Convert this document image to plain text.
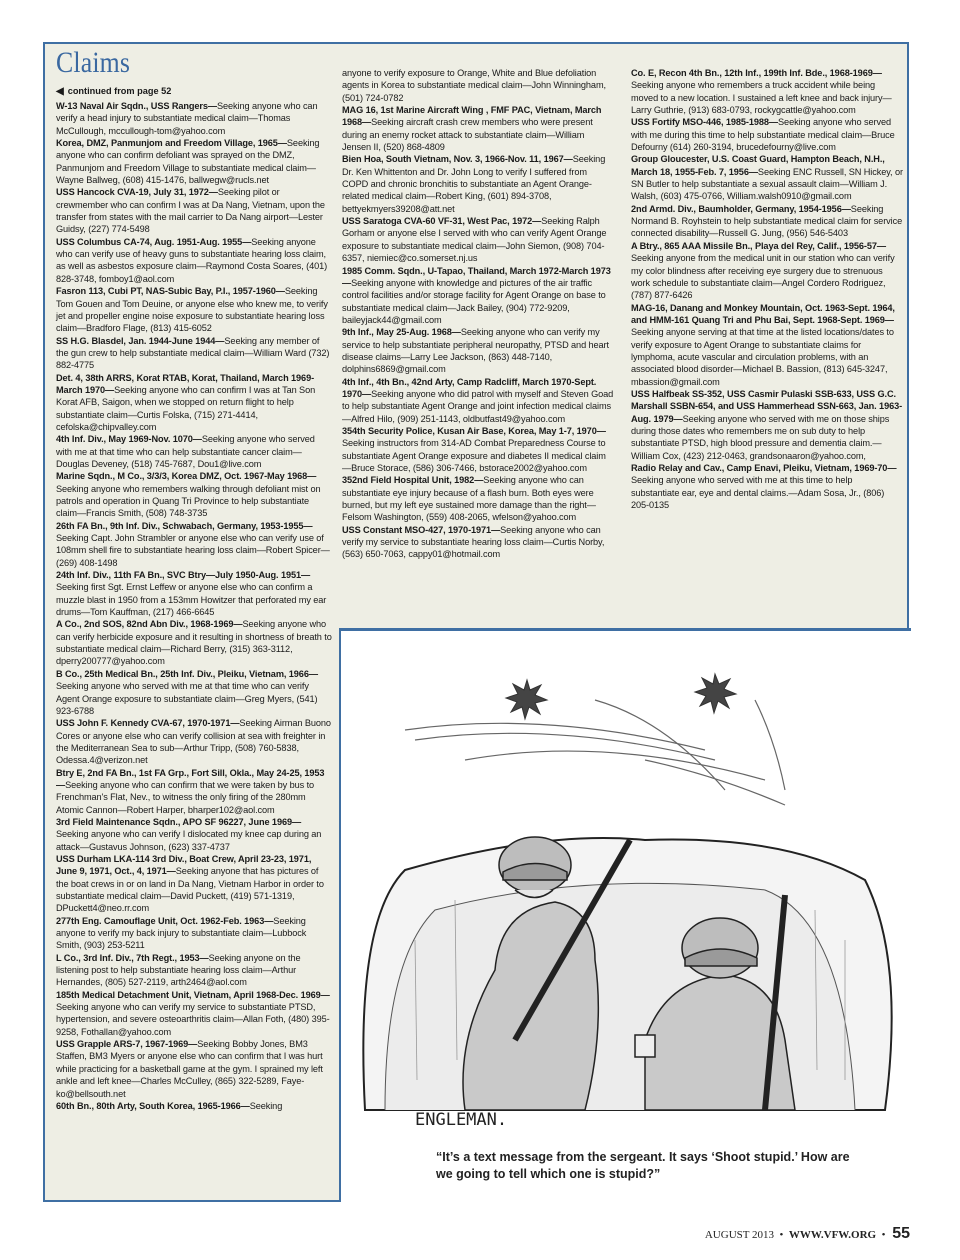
Claims
◀ continued from page 52

W-13 Naval Air Sqdn., USS Rangers—Seeking anyone who can verify a head injury to substantiate medical claim—Thomas McCullough, mccullough-tom@yahoo.com

Korea, DMZ, Panmunjom and Freedom Village, 1965—Seeking anyone who can confirm defoliant was sprayed on the DMZ, Panmunjom and Freedom Village to substantiate medical claim—Wayne Ballweg, (608) 415-1476, ballwegw@rucls.net

USS Hancock CVA-19, July 31, 1972—Seeking pilot or crewmember who can confirm I was at Da Nang, Vietnam, upon the transfer from states with the mail carrier to Da Nang airport—Lester Guidsy, (227) 774-5498

USS Columbus CA-74, Aug. 1951-Aug. 1955—Seeking anyone who can verify use of heavy guns to substantiate hearing loss claim, as well as asbestos exposure claim—Raymond Costa Soares, (401) 828-3748, fomboy1@aol.com

Fasron 113, Cubi PT, NAS-Subic Bay, P.I., 1957-1960—Seeking Tom Gouen and Tom Deuine, or anyone else who knew me, to verify jet and propeller engine noise exposure to substantiate hearing loss claim—Bradforo Flage, (813) 415-6052

SS H.G. Blasdel, Jan. 1944-June 1944—Seeking any member of the gun crew to help substantiate medical claim—William Ward (732) 882-4775

Det. 4, 38th ARRS, Korat RTAB, Korat, Thailand, March 1969-March 1970—Seeking anyone who can confirm I was at Tan Son Korat AFB, Saigon, when we stopped on return flight to help substantiate claim—Curtis Folska, (715) 271-4414, cefolska@chipvalley.com

4th Inf. Div., May 1969-Nov. 1070—Seeking anyone who served with me at that time who can help substantiate cancer claim—Douglas Deveney, (518) 745-7687, Dou1@live.com

Marine Sqdn., M Co., 3/3/3, Korea DMZ, Oct. 1967-May 1968—Seeking anyone who remembers walking through defoliant mist on patrols and operation in Quang Tri Province to help substantiate claim—Francis Smith, (508) 748-3735

26th FA Bn., 9th Inf. Div., Schwabach, Germany, 1953-1955—Seeking Capt. John Strambler or anyone else who can verify use of 108mm shell fire to substantiate hearing loss claim—Robert Spicer—(269) 408-1498

24th Inf. Div., 11th FA Bn., SVC Btry—July 1950-Aug. 1951—Seeking first Sgt. Ernst Leffew or anyone else who can confirm a muzzle blast in 1950 from a 153mm Howitzer that perforated my ear drums—Tom Kauffman, (217) 466-6645

A Co., 2nd SOS, 82nd Abn Div., 1968-1969—Seeking anyone who can verify herbicide exposure and it resulting in shortness of breath to substantiate medical claim—Richard Berry, (315) 363-3112, dperry200777@yahoo.com

B Co., 25th Medical Bn., 25th Inf. Div., Pleiku, Vietnam, 1966—Seeking anyone who served with me at that time who can verify Agent Orange exposure to substantiate claim—Greg Myers, (541) 923-6788

USS John F. Kennedy CVA-67, 1970-1971—Seeking Airman Buono Cores or anyone else who can verify collision at sea with freighter in the Mediterranean Sea to sub—Arthur Tripp, (508) 760-5838, Odessa.4@verizon.net

Btry E, 2nd FA Bn., 1st FA Grp., Fort Sill, Okla., May 24-25, 1953—Seeking anyone who can confirm that we were taken by bus to Frenchman's Flat, Nev., to witness the only firing of the 280mm Atomic Cannon—Robert Harper, bharper102@aol.com

3rd Field Maintenance Sqdn., APO SF 96227, June 1969—Seeking anyone who can verify I dislocated my knee cap during an attack—Gustavus Johnson, (623) 337-4737

USS Durham LKA-114 3rd Div., Boat Crew, April 23-23, 1971, June 9, 1971, Oct., 4, 1971—Seeking anyone that has pictures of the boat crews in or on land in Da Nang, Vietnam Harbor in order to substantiate medical claim—David Puckett, (419) 571-1319, DPuckett4@neo.rr.com

277th Eng. Camouflage Unit, Oct. 1962-Feb. 1963—Seeking anyone to verify my back injury to substantiate claim—Lubbock Smith, (903) 253-5211

L Co., 3rd Inf. Div., 7th Regt., 1953—Seeking anyone on the listening post to help substantiate hearing loss claim—Arthur Hernandes, (805) 527-2119, arth2464@aol.com

185th Medical Detachment Unit, Vietnam, April 1968-Dec. 1969—Seeking anyone who can verify my service to substantiate PTSD, hypertension, and severe osteoarthritis claim—Allan Foth, (480) 395-9258, Fothallan@yahoo.com

USS Grapple ARS-7, 1967-1969—Seeking Bobby Jones, BM3 Staffen, BM3 Myers or anyone else who can confirm that I was hurt while practicing for a basketball game at the gym. I sprained my left ankle and left knee—Charles McCulley, (865) 322-5289, Faye-ko@bellsouth.net

60th Bn., 80th Arty, South Korea, 1965-1966—Seeking

anyone to verify exposure to Orange, White and Blue defoliation agents in Korea to substantiate medical claim—John Winningham, (501) 724-0782

MAG 16, 1st Marine Aircraft Wing , FMF PAC, Vietnam, March 1968—Seeking aircraft crash crew members who were present during an enemy rocket attack to substantiate claim—William Jensen II, (520) 868-4809

Bien Hoa, South Vietnam, Nov. 3, 1966-Nov. 11, 1967—Seeking Dr. Ken Whittenton and Dr. John Long to verify I suffered from COPD and chronic bronchitis to substantiate an Agent Orange-related medical claim—Robert King, (601) 894-3708, bettyekmyers39208@att.net

USS Saratoga CVA-60 VF-31, West Pac, 1972—Seeking Ralph Gorham or anyone else I served with who can verify Agent Orange exposure to substantiate medical claim—John Siemon, (908) 704-6357, niemiec@co.somerset.nj.us

1985 Comm. Sqdn., U-Tapao, Thailand, March 1972-March 1973—Seeking anyone with knowledge and pictures of the air traffic control facilities and/or storage facility for Agent Orange on base to substantiate medical claim—Jack Bailey, (904) 772-9209, baileyjack44@gmail.com

9th Inf., May 25-Aug. 1968—Seeking anyone who can verify my service to help substantiate peripheral neuropathy, PTSD and heart disease claims—Larry Lee Jackson, (863) 448-7140, dolphins6869@gmail.com

4th Inf., 4th Bn., 42nd Arty, Camp Radcliff, March 1970-Sept. 1970—Seeking anyone who did patrol with myself and Steven Goad to help substantiate Agent Orange and joint infection medical claims—Alfred Hilo, (909) 251-1143, oldbutfast49@yahoo.com

354th Security Police, Kusan Air Base, Korea, May 1-7, 1970—Seeking instructors from 314-AD Combat Preparedness Course to substantiate Agent Orange exposure and diabetes II medical claim—Bruce Storace, (586) 306-7466, bstorace2002@yahoo.com

352nd Field Hospital Unit, 1982—Seeking anyone who can substantiate eye injury because of a flash burn. Both eyes were burned, but my left eye sustained more damage than the right—Felsom Washington, (559) 408-2065, wfelson@yahoo.com

USS Constant MSO-427, 1970-1971—Seeking anyone who can verify my service to substantiate hearing loss claim—Curtis Norby, (563) 650-7063, cappy01@hotmail.com

Co. E, Recon 4th Bn., 12th Inf., 199th Inf. Bde., 1968-1969—Seeking anyone who remembers a truck accident while being moved to a new location. I sustained a left knee and back injury—Larry Guthrie, (913) 683-0793, rockygcattle@yahoo.com

USS Fortify MSO-446, 1985-1988—Seeking anyone who served with me during this time to help substantiate medical claim—Bruce Defourny (614) 260-3194, brucedefourny@live.com

Group Gloucester, U.S. Coast Guard, Hampton Beach, N.H., March 18, 1955-Feb. 7, 1956—Seeking ENC Russell, SN Hickey, or SN Butler to help substantiate a sexual assault claim—William J. Walsh, (603) 475-0766, William.walsh0910@gmail.com

2nd Armd. Div., Baumholder, Germany, 1954-1956—Seeking Normand B. Royhstein to help substantiate medical claim for service connected disability—Russell G. Jung, (956) 546-5403

A Btry., 865 AAA Missile Bn., Playa del Rey, Calif., 1956-57—Seeking anyone from the medical unit in our station who can verify my color blindness after receiving eye surgery due to strenuous work schedule to substantiate claim—Angel Cordero Rodriguez, (787) 877-6426

MAG-16, Danang and Monkey Mountain, Oct. 1963-Sept. 1964, and HMM-161 Quang Tri and Phu Bai, Sept. 1968-Sept. 1969—Seeking anyone serving at that time at the listed locations/dates to verify exposure to Agent Orange to substantiate claims for lymphoma, acute vascular and circulation problems, with an associated blood disorder—Michael B. Bassion, (813) 645-3247, mbassion@gmail.com

USS Halfbeak SS-352, USS Casmir Pulaski SSB-633, USS G.C. Marshall SSBN-654, and USS Hammerhead SSN-663, Jan. 1963-Aug. 1979—Seeking anyone who served with me on those ships during those dates who remembers me on sub duty to help substantiate PTSD, high blood pressure and dementia claim.—William Cox, (423) 212-0463, grandsonaaron@yahoo.com,

Radio Relay and Cav., Camp Enavi, Pleiku, Vietnam, 1969-70—Seeking anyone who served with me at this time to help substantiate ear, eye and dental claims.—Adam Sosa, Jr., (806) 205-0135

ENGLEMAN.
“It’s a text message from the sergeant. It says ‘Shoot stupid.’ How are we going to tell which one is stupid?”
AUGUST 2013 • WWW.VFW.ORG • 55
